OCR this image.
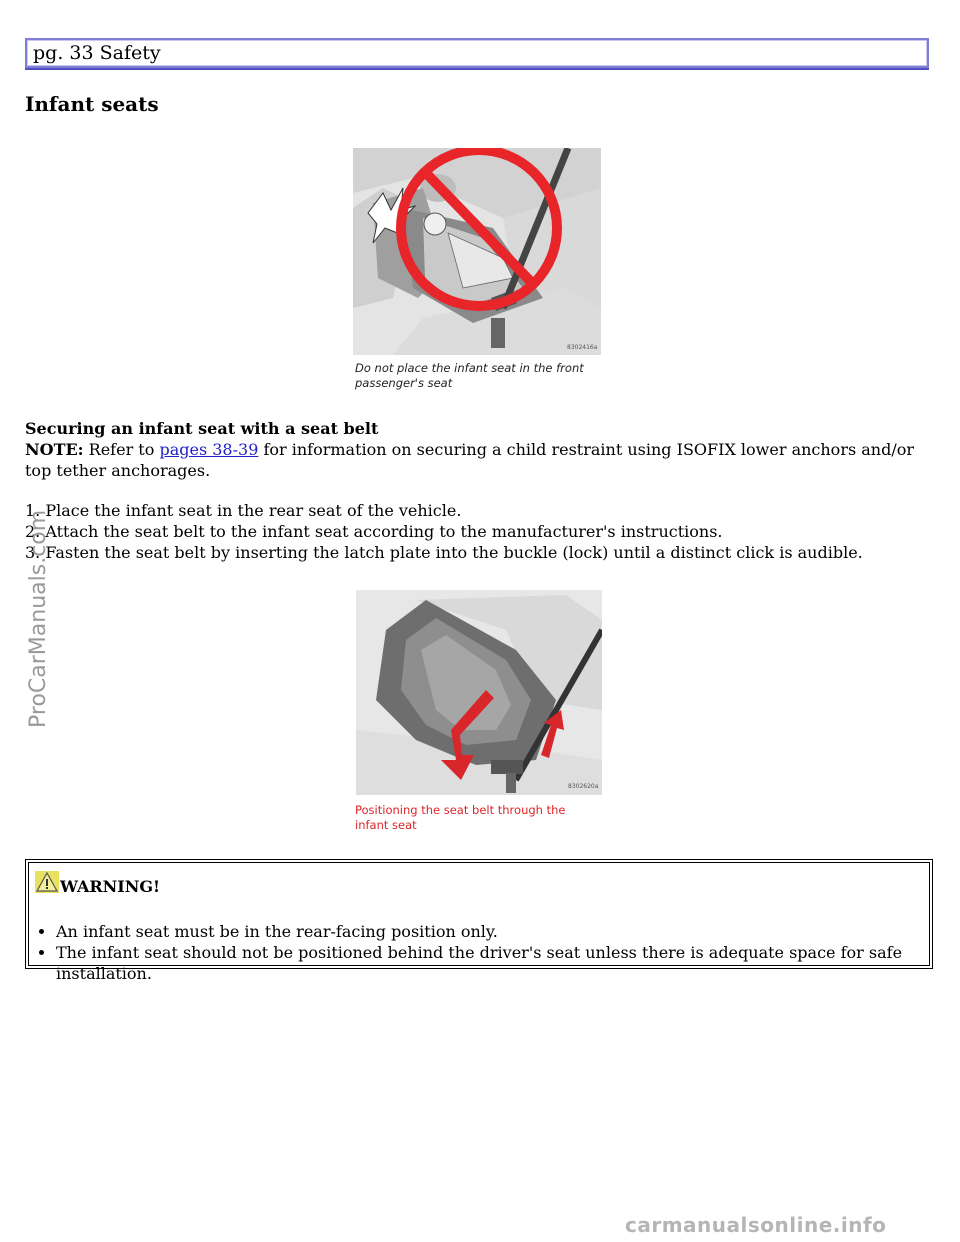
pg. 33 Safety
Infant seats
8302416a
Do not place the infant seat in the front passenger's seat

Securing an infant seat with a seat belt

NOTE: Refer to pages 38-39 for information on securing a child restraint using ISOFIX lower anchors and/or top tether anchorages.

1. Place the infant seat in the rear seat of the vehicle.

2. Attach the seat belt to the infant seat according to the manufacturer's instructions.

3. Fasten the seat belt by inserting the latch plate into the buckle (lock) until a distinct click is audible.

8302620a
Positioning the seat belt through the infant seat
WARNING!
• An infant seat must be in the rear-facing position only.
• The infant seat should not be positioned behind the driver's seat unless there is adequate space for safe installation.
ProCarManuals.com
carmanualsonline.info
